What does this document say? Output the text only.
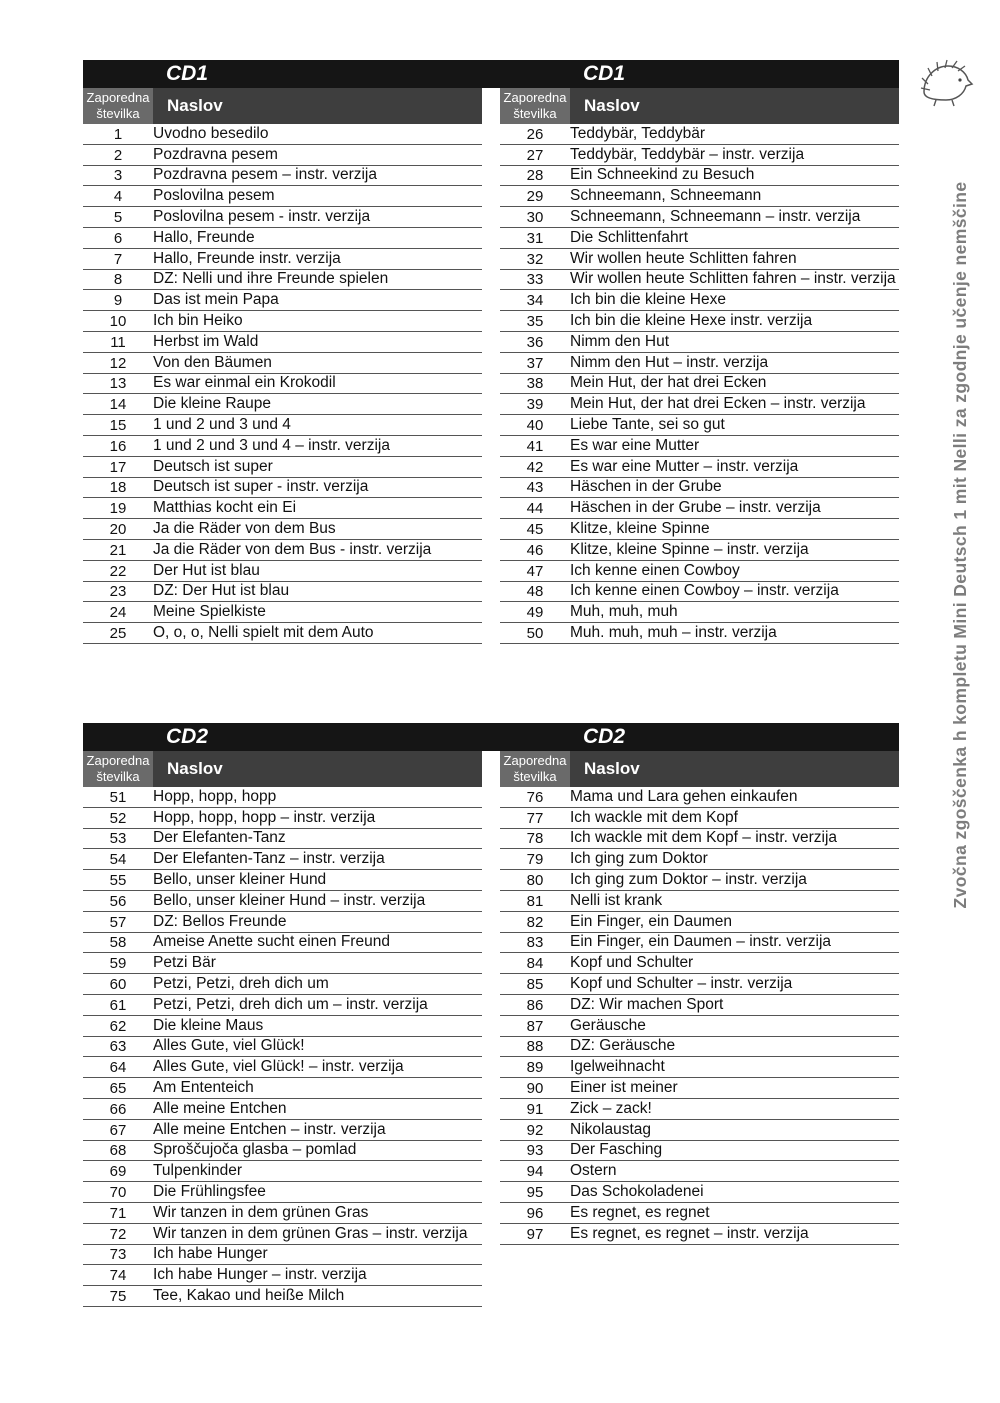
CD1	CD1
Zaporedna številka	Naslov
1	Uvodno besedilo
2	Pozdravna pesem
3	Pozdravna pesem – instr. verzija
4	Poslovilna pesem
5	Poslovilna pesem - instr. verzija
6	Hallo, Freunde
7	Hallo, Freunde instr. verzija
8	DZ: Nelli und ihre Freunde spielen
9	Das ist mein Papa
10	Ich bin Heiko
11	Herbst im Wald
12	Von den Bäumen
13	Es war einmal ein Krokodil
14	Die kleine Raupe
15	1 und 2 und 3 und 4
16	1 und 2 und 3 und 4 – instr. verzija
17	Deutsch ist super
18	Deutsch ist super - instr. verzija
19	Matthias kocht ein Ei
20	Ja die Räder von dem Bus
21	Ja die Räder von dem Bus - instr. verzija
22	Der Hut ist blau
23	DZ: Der Hut ist blau
24	Meine Spielkiste
25	O, o, o, Nelli spielt mit dem Auto
Zaporedna številka	Naslov
26	Teddybär, Teddybär
27	Teddybär, Teddybär – instr. verzija
28	Ein Schneekind zu Besuch
29	Schneemann, Schneemann
30	Schneemann, Schneemann – instr. verzija
31	Die Schlittenfahrt
32	Wir wollen heute Schlitten fahren
33	Wir wollen heute Schlitten fahren – instr. verzija
34	Ich bin die kleine Hexe
35	Ich bin die kleine Hexe instr. verzija
36	Nimm den Hut
37	Nimm den Hut – instr. verzija
38	Mein Hut, der hat drei Ecken
39	Mein Hut, der hat drei Ecken – instr. verzija
40	Liebe Tante, sei so gut
41	Es war eine Mutter
42	Es war eine Mutter – instr. verzija
43	Häschen in der Grube
44	Häschen in der Grube – instr. verzija
45	Klitze, kleine Spinne
46	Klitze, kleine Spinne – instr. verzija
47	Ich kenne einen Cowboy
48	Ich kenne einen Cowboy – instr. verzija
49	Muh, muh, muh
50	Muh. muh, muh – instr. verzija
CD2	CD2
Zaporedna številka	Naslov
51	Hopp, hopp, hopp
52	Hopp, hopp, hopp – instr. verzija
53	Der Elefanten-Tanz
54	Der Elefanten-Tanz – instr. verzija
55	Bello, unser kleiner Hund
56	Bello, unser kleiner Hund – instr. verzija
57	DZ: Bellos Freunde
58	Ameise Anette sucht einen Freund
59	Petzi Bär
60	Petzi, Petzi, dreh dich um
61	Petzi, Petzi, dreh dich um – instr. verzija
62	Die kleine Maus
63	Alles Gute, viel Glück!
64	Alles Gute, viel Glück! – instr. verzija
65	Am Ententeich
66	Alle meine Entchen
67	Alle meine Entchen – instr. verzija
68	Sproščujoča glasba – pomlad
69	Tulpenkinder
70	Die Frühlingsfee
71	Wir tanzen in dem grünen Gras
72	Wir tanzen in dem grünen Gras – instr. verzija
73	Ich habe Hunger
74	Ich habe Hunger – instr. verzija
75	Tee, Kakao und heiße Milch
Zaporedna številka	Naslov
76	Mama und Lara gehen einkaufen
77	Ich wackle mit dem Kopf
78	Ich wackle mit dem Kopf – instr. verzija
79	Ich ging zum Doktor
80	Ich ging zum Doktor – instr. verzija
81	Nelli ist krank
82	Ein Finger, ein Daumen
83	Ein Finger, ein Daumen – instr. verzija
84	Kopf und Schulter
85	Kopf und Schulter – instr. verzija
86	DZ: Wir machen Sport
87	Geräusche
88	DZ: Geräusche
89	Igelweihnacht
90	Einer ist meiner
91	Zick – zack!
92	Nikolaustag
93	Der Fasching
94	Ostern
95	Das Schokoladenei
96	Es regnet, es regnet
97	Es regnet, es regnet – instr. verzija
Zvočna zgoščenka h kompletu Mini Deutsch 1 mit Nelli za zgodnje učenje nemščine
